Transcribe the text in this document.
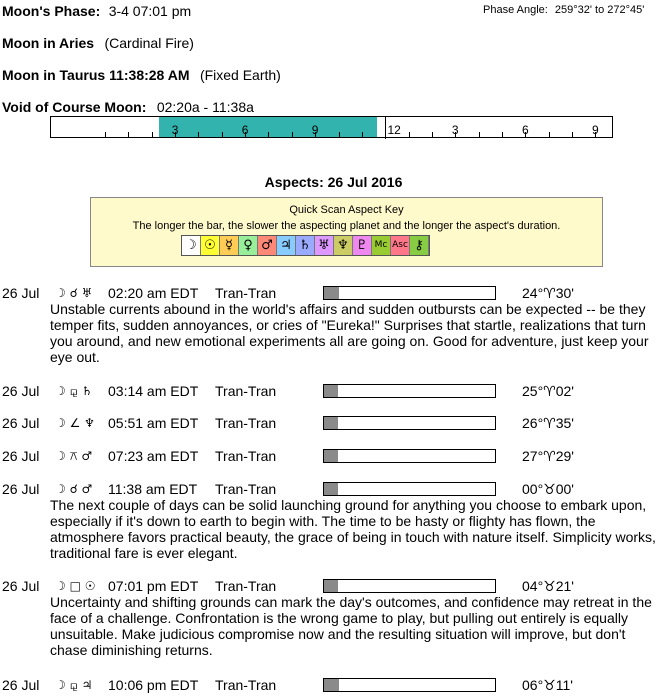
Moon's Phase: 3-4 07:01 pm	Phase Angle: 259°32' to 272°45'
Moon in Aries (Cardinal Fire)
Moon in Taurus 11:38:28 AM (Fixed Earth)
Void of Course Moon: 02:20a - 11:38a
3	6	9	12	3	6	9
Aspects: 26 Jul 2016
Quick Scan Aspect Key
The longer the bar, the slower the aspecting planet and the longer the aspect's duration.
☽ ☉ ☿ ♀ ♂ ♃ ♄ ♅ ♆ ♇ Mc Asc ⚷
26 Jul ☽ ☌ ♅ 02:20 am EDT Tran-Tran	24°♈30'
Unstable currents abound in the world's affairs and sudden outbursts can be expected -- be they temper fits, sudden annoyances, or cries of "Eureka!" Surprises that startle, realizations that turn you around, and new emotional experiments all are going on. Good for adventure, just keep your eye out.
26 Jul ☽ ⚼ ♄ 03:14 am EDT Tran-Tran	25°♈02'
26 Jul ☽ ∠ ♆ 05:51 am EDT Tran-Tran	26°♈35'
26 Jul ☽ ⚻ ♂ 07:23 am EDT Tran-Tran	27°♈29'
26 Jul ☽ ☌ ♂ 11:38 am EDT Tran-Tran	00°♉00'
The next couple of days can be solid launching ground for anything you choose to embark upon, especially if it's down to earth to begin with. The time to be hasty or flighty has flown, the atmosphere favors practical beauty, the grace of being in touch with nature itself. Simplicity works, traditional fare is ever elegant.
26 Jul ☽ □ ☉ 07:01 pm EDT Tran-Tran	04°♉21'
Uncertainty and shifting grounds can mark the day's outcomes, and confidence may retreat in the face of a challenge. Confrontation is the wrong game to play, but pulling out entirely is equally unsuitable. Make judicious compromise now and the resulting situation will improve, but don't chase diminishing returns.
26 Jul ☽ ⚼ ♃ 10:06 pm EDT Tran-Tran	06°♉11'
